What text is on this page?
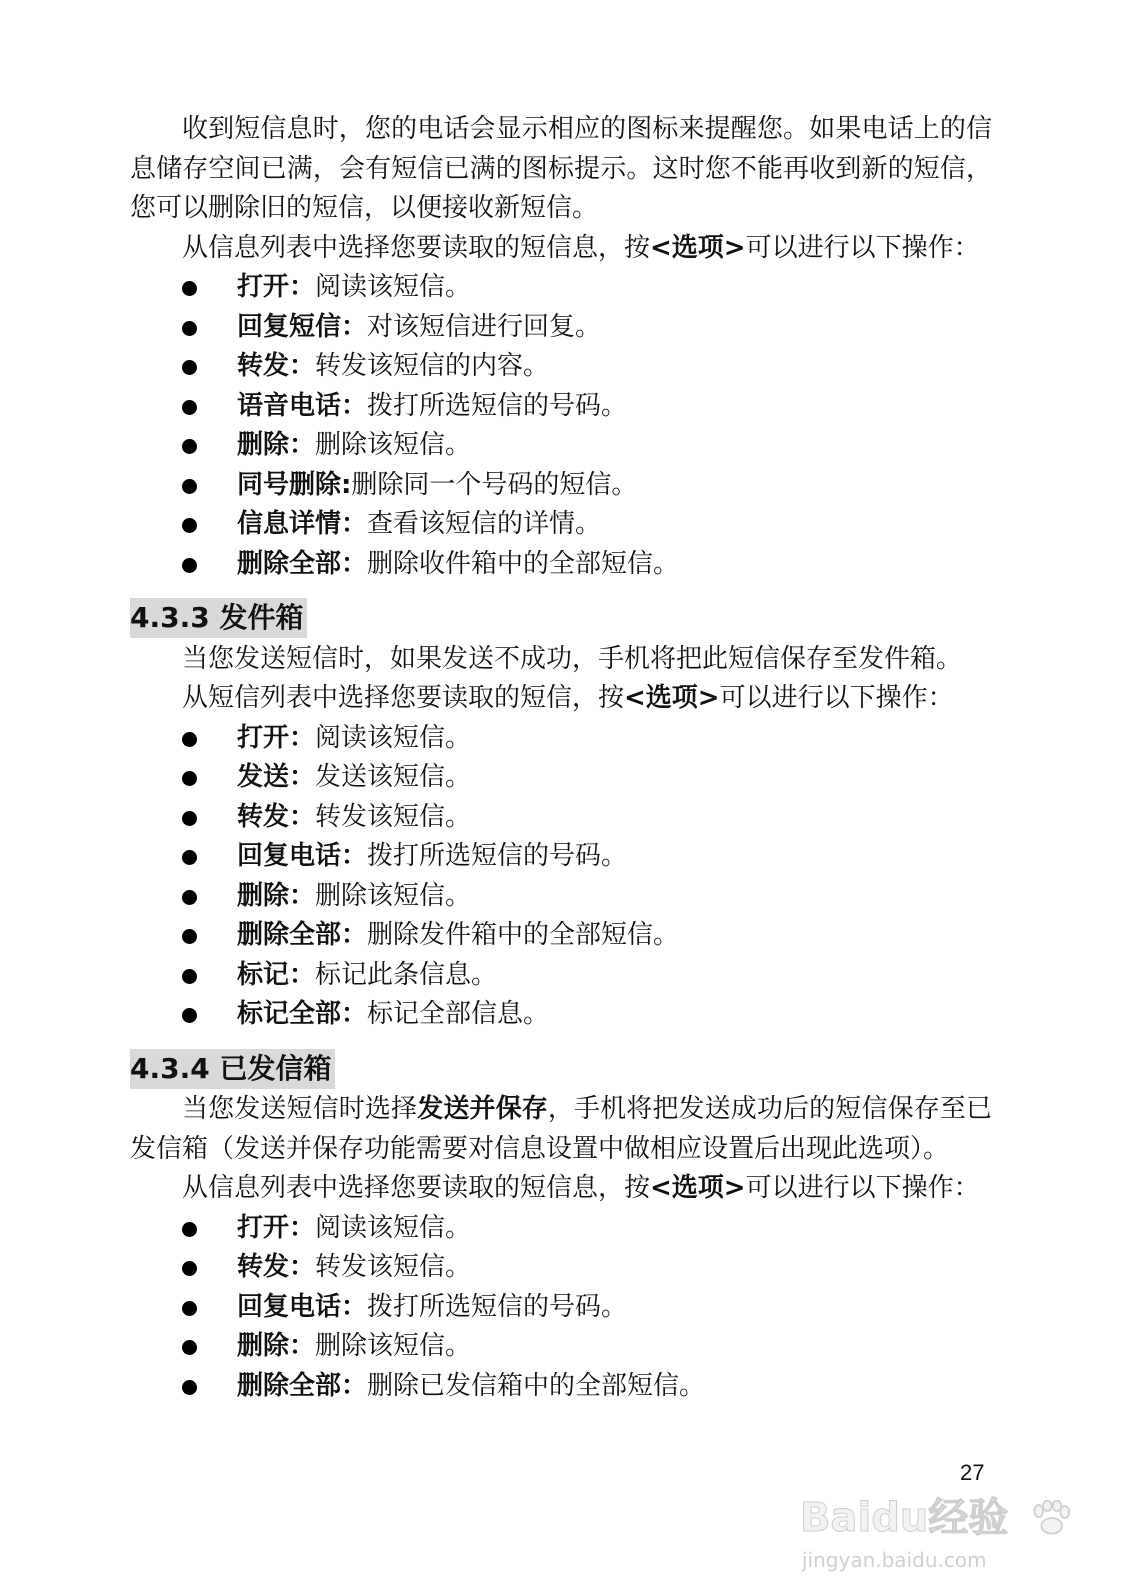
收到短信息时，您的电话会显示相应的图标来提醒您。如果电话上的信息储存空间已满，会有短信已满的图标提示。这时您不能再收到新的短信，您可以删除旧的短信，以便接收新短信。

从信息列表中选择您要读取的短信息，按<选项>可以进行以下操作：

打开：阅读该短信。
回复短信：对该短信进行回复。
转发：转发该短信的内容。
语音电话：拨打所选短信的号码。
删除：删除该短信。
同号删除:删除同一个号码的短信。
信息详情：查看该短信的详情。
删除全部：删除收件箱中的全部短信。
4.3.3 发件箱

当您发送短信时，如果发送不成功，手机将把此短信保存至发件箱。

从短信列表中选择您要读取的短信，按<选项>可以进行以下操作：

打开：阅读该短信。
发送：发送该短信。
转发：转发该短信。
回复电话：拨打所选短信的号码。
删除：删除该短信。
删除全部：删除发件箱中的全部短信。
标记：标记此条信息。
标记全部：标记全部信息。
4.3.4 已发信箱

当您发送短信时选择发送并保存，手机将把发送成功后的短信保存至已发信箱（发送并保存功能需要对信息设置中做相应设置后出现此选项）。

从信息列表中选择您要读取的短信息，按<选项>可以进行以下操作：

打开：阅读该短信。
转发：转发该短信。
回复电话：拨打所选短信的号码。
删除：删除该短信。
删除全部：删除已发信箱中的全部短信。
27
Baidu经验
jingyan.baidu.com
